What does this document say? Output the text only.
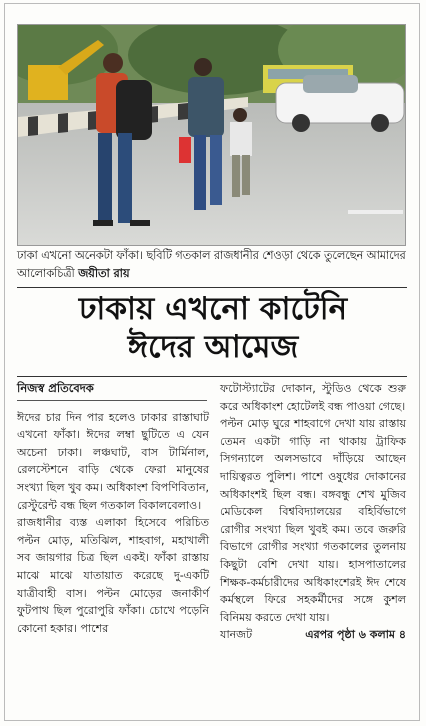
ঢাকা এখনো অনেকটা ফাঁকা। ছবিটি গতকাল রাজধানীর শেওড়া থেকে তুলেছেন আমাদের আলোকচিত্রী জয়ীতা রায়
ঢাকায় এখনো কাটেনি
ঈদের আমেজ
নিজস্ব প্রতিবেদক

ঈদের চার দিন পার হলেও ঢাকার রাস্তাঘাট এখনো ফাঁকা। ঈদের লম্বা ছুটিতে এ যেন অচেনা ঢাকা। লঞ্চঘাট, বাস টার্মিনাল, রেলস্টেশনে বাড়ি থেকে ফেরা মানুষের সংখ্যা ছিল খুব কম। অধিকাংশ বিপণিবিতান, রেস্টুরেন্ট বন্ধ ছিল গতকাল বিকালবেলাও।

রাজধানীর ব্যস্ত এলাকা হিসেবে পরিচিত পল্টন মোড়, মতিঝিল, শাহবাগ, মহাখালী সব জায়গার চিত্র ছিল একই। ফাঁকা রাস্তায় মাঝে মাঝে যাতায়াত করেছে দু-একটি যাত্রীবাহী বাস। পল্টন মোড়ের জনাকীর্ণ ফুটপাথ ছিল পুরোপুরি ফাঁকা। চোখে পড়েনি কোনো হকার। পাশের

ফটোস্ট্যাটের দোকান, স্টুডিও থেকে শুরু করে অধিকাংশ হোটেলই বন্ধ পাওয়া গেছে।

পল্টন মোড় ঘুরে শাহবাগে দেখা যায় রাস্তায় তেমন একটা গাড়ি না থাকায় ট্রাফিক সিগন্যালে অলসভাবে দাঁড়িয়ে আছেন দায়িত্বরত পুলিশ। পাশে ওষুধের দোকানের অধিকাংশই ছিল বন্ধ। বঙ্গবন্ধু শেখ মুজিব মেডিকেল বিশ্ববিদ্যালয়ের বহির্বিভাগে রোগীর সংখ্যা ছিল খুবই কম। তবে জরুরি বিভাগে রোগীর সংখ্যা গতকালের তুলনায় কিছুটা বেশি দেখা যায়। হাসপাতালের শিক্ষক-কর্মচারীদের অধিকাংশেরই ঈদ শেষে কর্মস্থলে ফিরে সহকর্মীদের সঙ্গে কুশল বিনিময় করতে দেখা যায়।

যানজট	এরপর পৃষ্ঠা ৬ কলাম ৪
